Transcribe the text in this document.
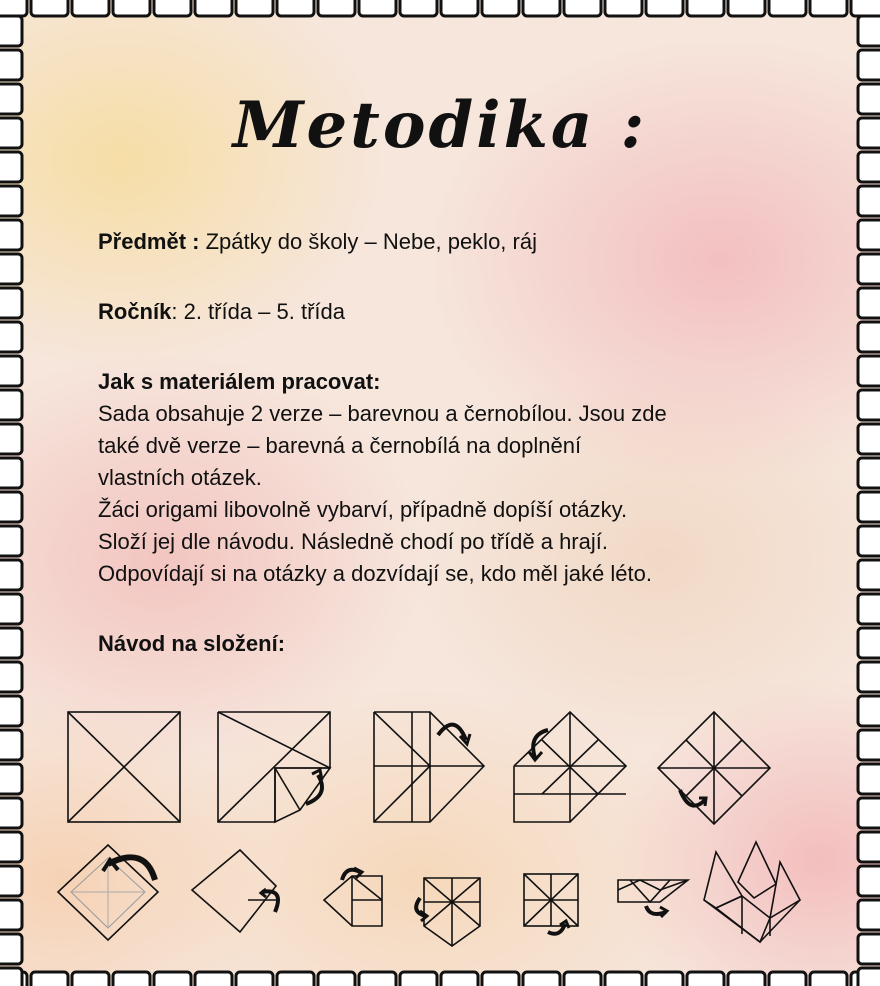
Metodika :

Předmět : Zpátky do školy – Nebe, peklo, ráj

Ročník: 2. třída – 5. třída

Jak s materiálem pracovat:
Sada obsahuje 2 verze – barevnou a černobílou. Jsou zde
také dvě verze – barevná a černobílá na doplnění
vlastních otázek.
Žáci origami libovolně vybarví, případně dopíší otázky.
Složí jej dle návodu. Následně chodí po třídě a hrají.
Odpovídají si na otázky a dozvídají se, kdo měl jaké léto.

Návod na složení:
